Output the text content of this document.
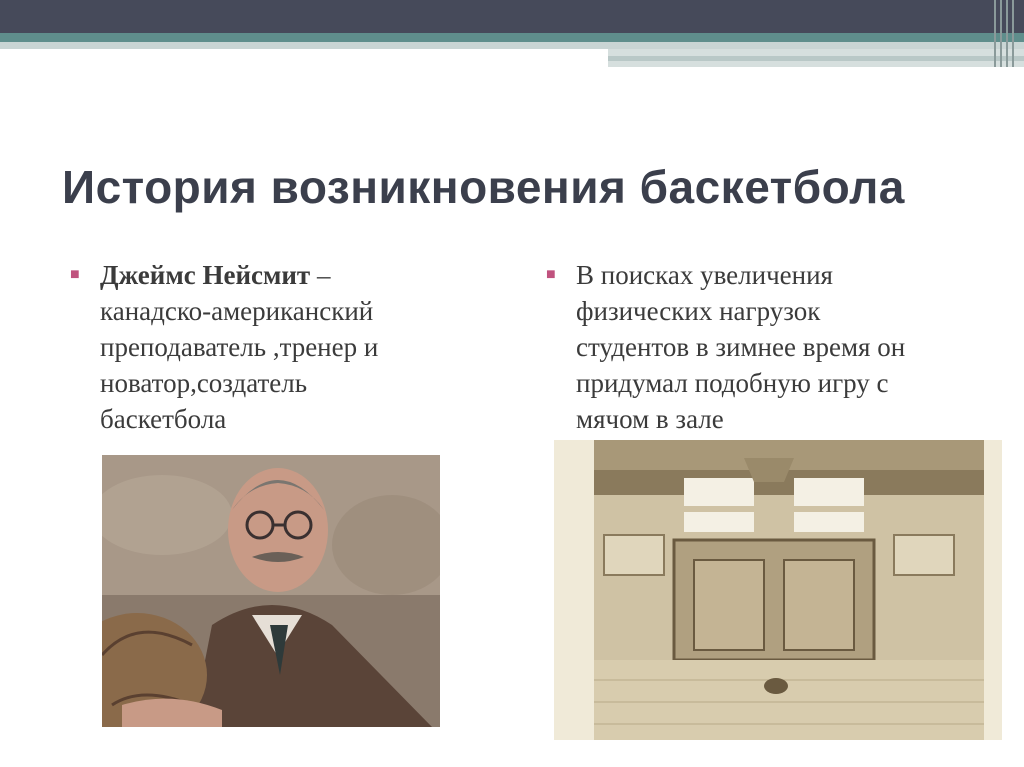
История возникновения баскетбола
■ Джеймс Нейсмит –
канадско-американский
преподаватель ,тренер и
новатор,создатель
баскетбола
■ В поисках увеличения
физических нагрузок
студентов в зимнее время он
придумал подобную игру с
мячом в зале
